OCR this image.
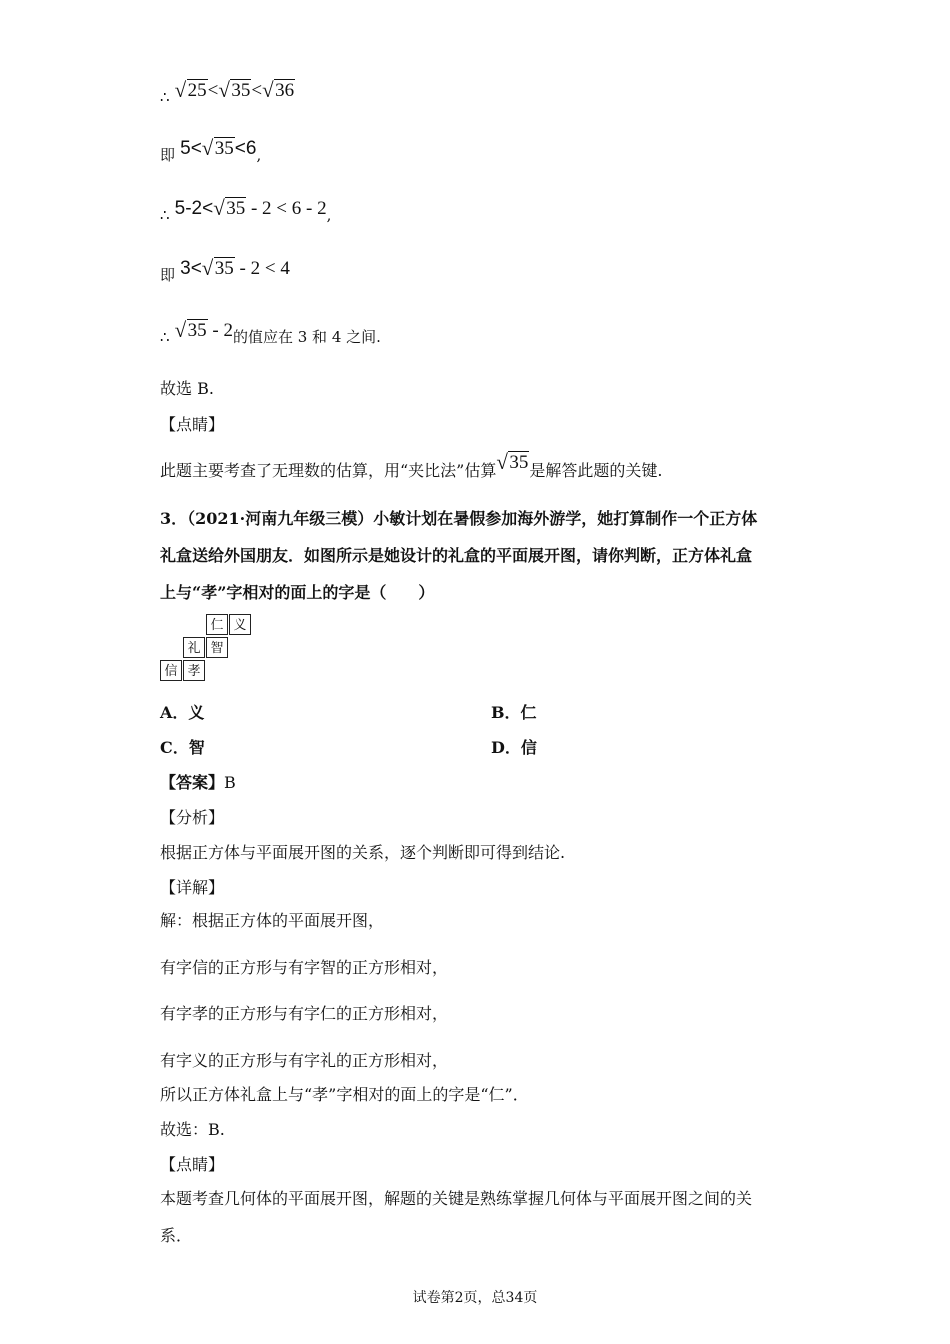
∴ √ 25< √ 35< √ 36
即 5< √ 35<6,
∴ 5-2< √ 35 - 2 < 6 - 2,
即 3< √ 35 - 2 < 4
∴ √ 35 - 2的值应在 3 和 4 之间.
故选 B.
【点睛】
此题主要考查了无理数的估算，用“夹比法”估算 √ 35是解答此题的关键.
3．（2021·河南九年级三模）小敏计划在暑假参加海外游学，她打算制作一个正方体
礼盒送给外国朋友．如图所示是她设计的礼盒的平面展开图，请你判断，正方体礼盒
上与“孝”字相对的面上的字是（　　）
仁 义
礼 智
信 孝
A．义	B．仁
C．智	D．信
【答案】B
【分析】
根据正方体与平面展开图的关系，逐个判断即可得到结论.
【详解】
解：根据正方体的平面展开图，
有字信的正方形与有字智的正方形相对，
有字孝的正方形与有字仁的正方形相对，
有字义的正方形与有字礼的正方形相对，
所以正方体礼盒上与“孝”字相对的面上的字是“仁”．
故选：B.
【点睛】
本题考查几何体的平面展开图，解题的关键是熟练掌握几何体与平面展开图之间的关
系．
试卷第2页，总34页
